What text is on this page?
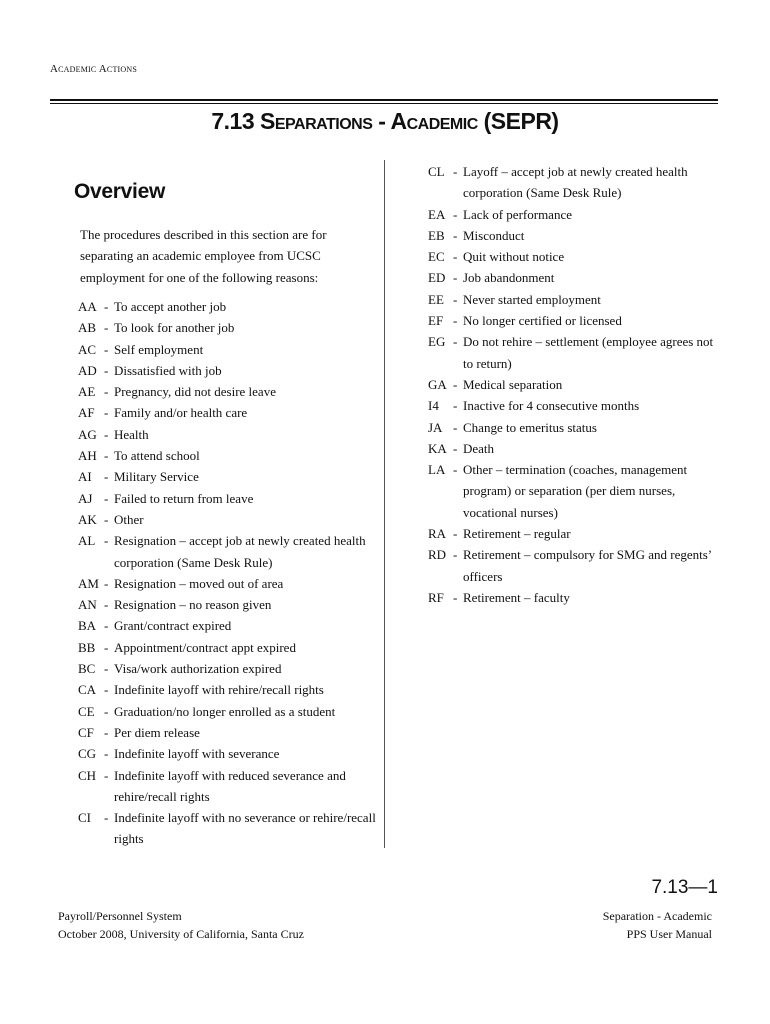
Academic Actions
7.13 Separations - Academic (SEPR)
Overview

The procedures described in this section are for separating an academic employee from UCSC employment for one of the following reasons:

AA - To accept another job
AB - To look for another job
AC - Self employment
AD - Dissatisfied with job
AE - Pregnancy, did not desire leave
AF - Family and/or health care
AG - Health
AH - To attend school
AI - Military Service
AJ - Failed to return from leave
AK - Other
AL - Resignation – accept job at newly created health corporation (Same Desk Rule)
AM - Resignation – moved out of area
AN - Resignation – no reason given
BA - Grant/contract expired
BB - Appointment/contract appt expired
BC - Visa/work authorization expired
CA - Indefinite layoff with rehire/recall rights
CE - Graduation/no longer enrolled as a student
CF - Per diem release
CG - Indefinite layoff with severance
CH - Indefinite layoff with reduced severance and rehire/recall rights
CI	- Indefinite layoff with no severance or rehire/recall rights
CL - Layoff – accept job at newly created health corporation (Same Desk Rule)
EA - Lack of performance
EB - Misconduct
EC - Quit without notice
ED - Job abandonment
EE - Never started employment
EF - No longer certified or licensed
EG - Do not rehire – settlement (employee agrees not to return)
GA - Medical separation
I4	- Inactive for 4 consecutive months
JA - Change to emeritus status
KA - Death
LA - Other – termination (coaches, management program) or separation (per diem nurses, vocational nurses)
RA - Retirement – regular
RD - Retirement – compulsory for SMG and regents’ officers
RF - Retirement – faculty
7.13—1
Payroll/Personnel System
October 2008, University of California, Santa Cruz
Separation - Academic
PPS User Manual
